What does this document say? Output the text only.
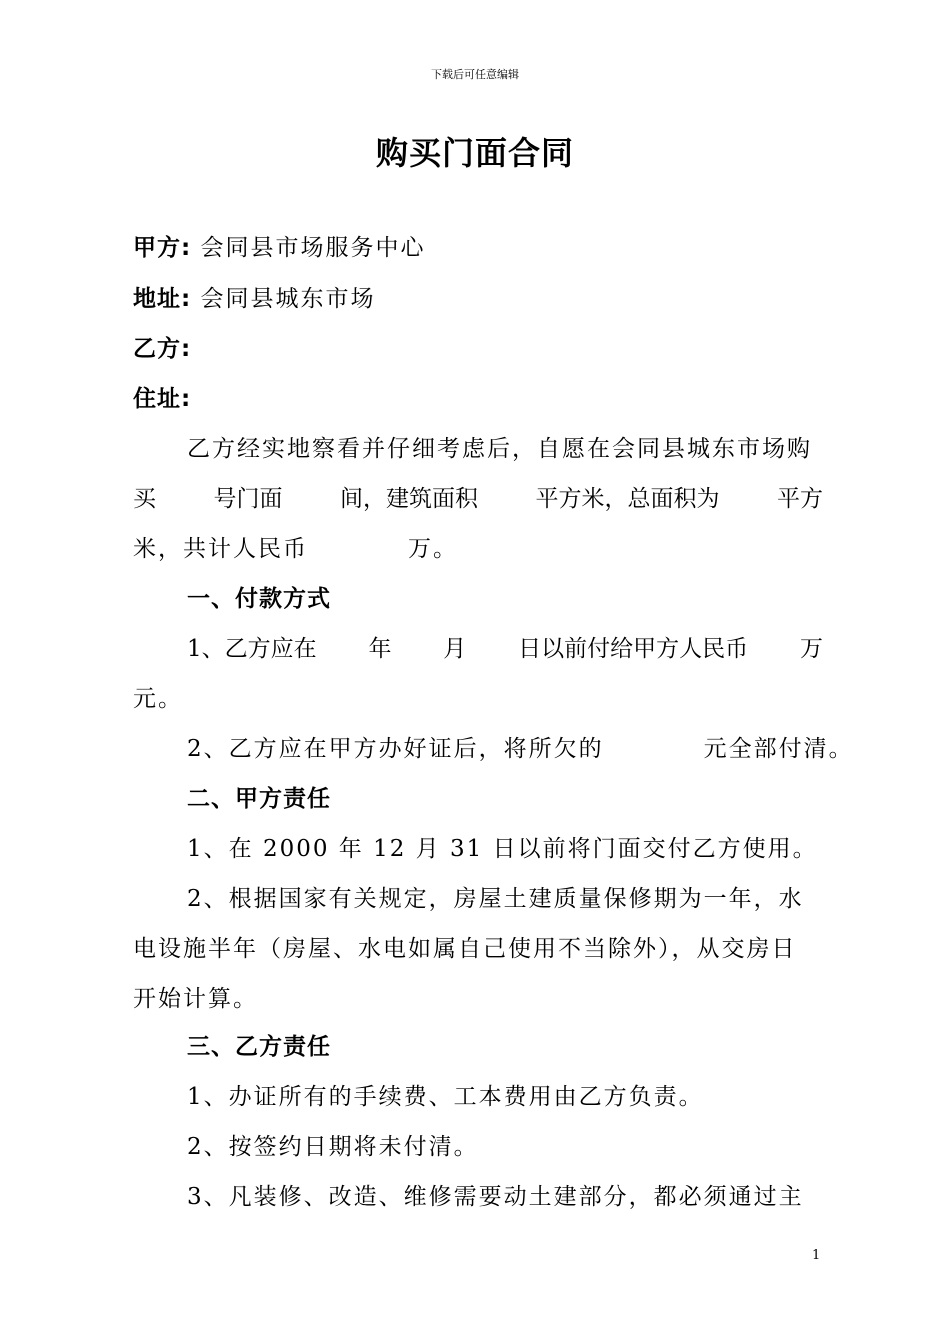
下载后可任意编辑
购买门面合同
甲方: 会同县市场服务中心
地址: 会同县城东市场
乙方:
住址:
乙方经实地察看并仔细考虑后，自愿在会同县城东市场购
买	号门面	间，建筑面积	平方米，总面积为	平方
米，共计人民币　　　　万。
一、付款方式
1、乙方应在 年 月 日以前付给甲方人民币 万
元。
2、乙方应在甲方办好证后，将所欠的　　　　元全部付清。
二、甲方责任
1、在 2000 年 12 月 31 日以前将门面交付乙方使用。
2、根据国家有关规定，房屋土建质量保修期为一年，水
电设施半年（房屋、水电如属自己使用不当除外），从交房日
开始计算。
三、乙方责任
1、办证所有的手续费、工本费用由乙方负责。
2、按签约日期将未付清。
3、凡装修、改造、维修需要动土建部分，都必须通过主
1
